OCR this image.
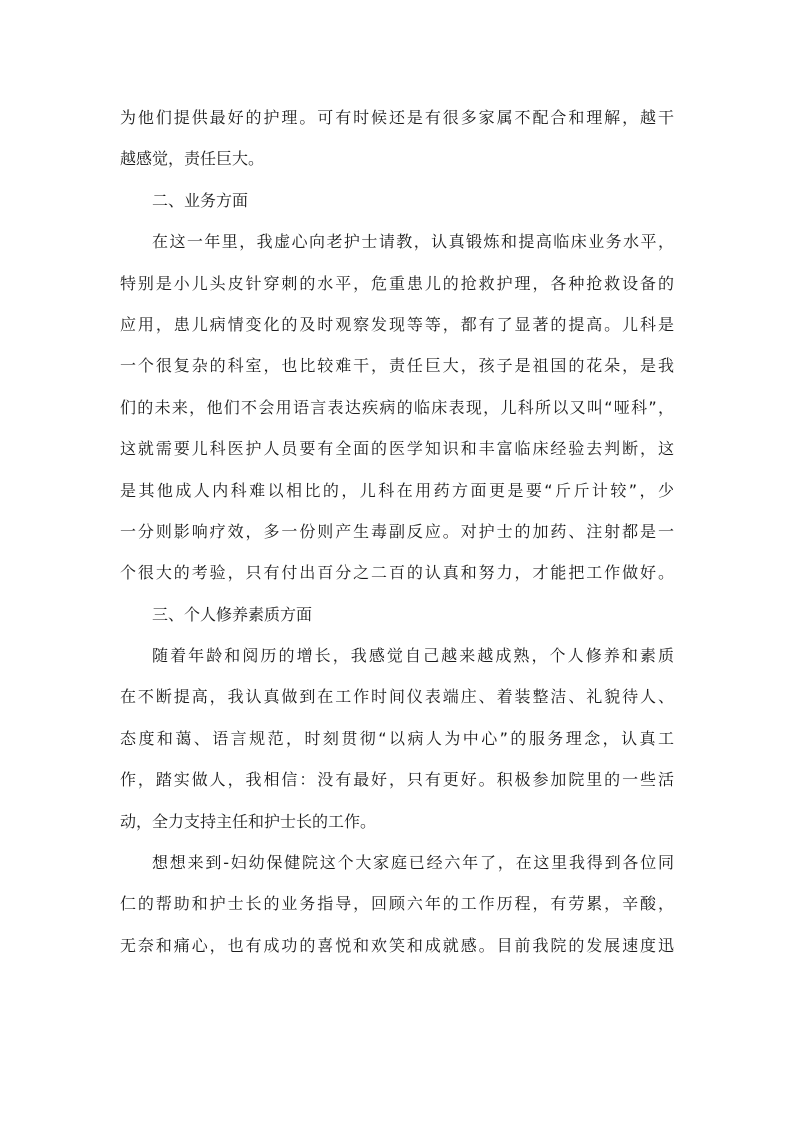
为他们提供最好的护理。可有时候还是有很多家属不配合和理解，越干
越感觉，责任巨大。
二、业务方面
在这一年里，我虚心向老护士请教，认真锻炼和提高临床业务水平，
特别是小儿头皮针穿刺的水平，危重患儿的抢救护理，各种抢救设备的
应用，患儿病情变化的及时观察发现等等，都有了显著的提高。儿科是
一个很复杂的科室，也比较难干，责任巨大，孩子是祖国的花朵，是我
们的未来，他们不会用语言表达疾病的临床表现，儿科所以又叫“哑科”，
这就需要儿科医护人员要有全面的医学知识和丰富临床经验去判断，这
是其他成人内科难以相比的，儿科在用药方面更是要“斤斤计较”，少
一分则影响疗效，多一份则产生毒副反应。对护士的加药、注射都是一
个很大的考验，只有付出百分之二百的认真和努力，才能把工作做好。
三、个人修养素质方面
随着年龄和阅历的增长，我感觉自己越来越成熟，个人修养和素质
在不断提高，我认真做到在工作时间仪表端庄、着装整洁、礼貌待人、
态度和蔼、语言规范，时刻贯彻“以病人为中心”的服务理念，认真工
作，踏实做人，我相信：没有最好，只有更好。积极参加院里的一些活
动，全力支持主任和护士长的工作。
想想来到-妇幼保健院这个大家庭已经六年了，在这里我得到各位同
仁的帮助和护士长的业务指导，回顾六年的工作历程，有劳累，辛酸，
无奈和痛心，也有成功的喜悦和欢笑和成就感。目前我院的发展速度迅
